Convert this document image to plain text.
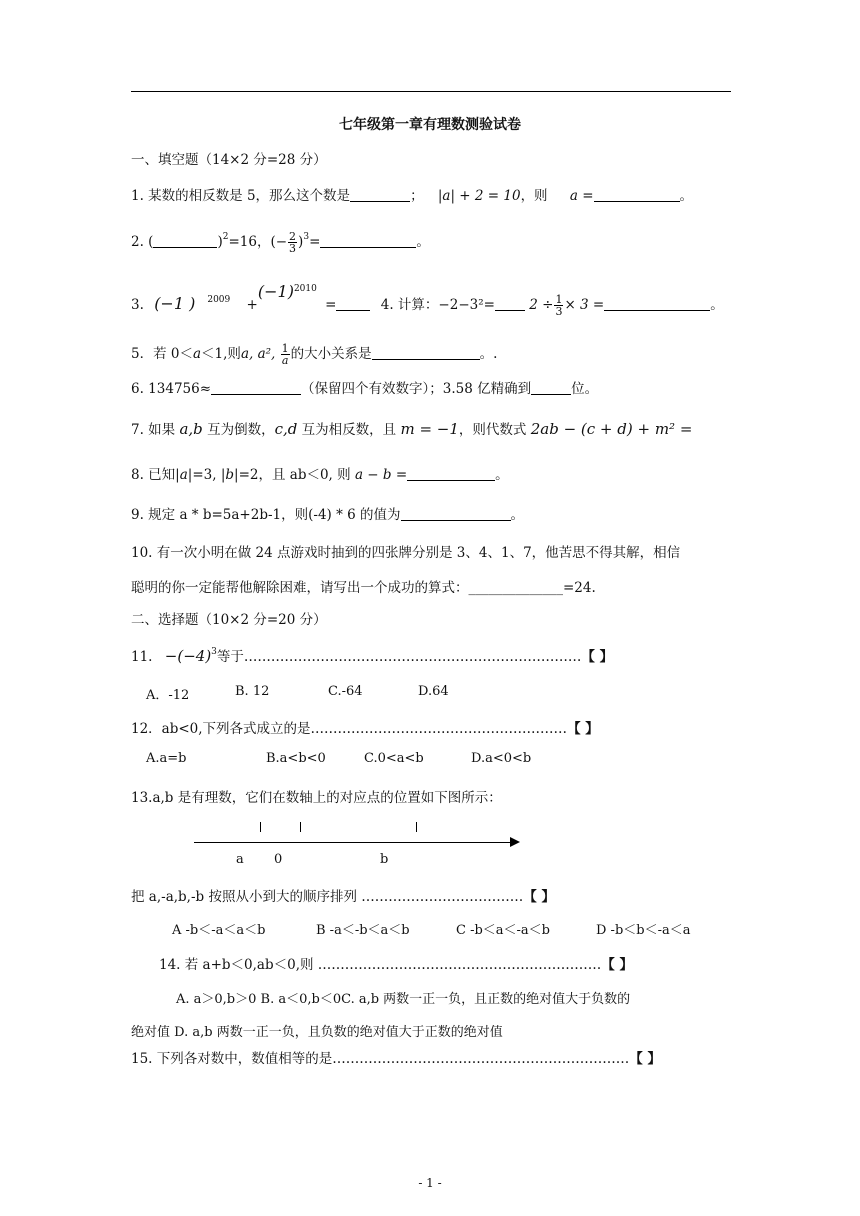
七年级第一章有理数测验试卷
一、填空题（14×2 分=28 分）
1. 某数的相反数是 5，那么这个数是	； |a| + 2 = 10，则 a =	。
2. (	)$^2$=16，(− $\frac{2}{3} )^3=$	。
3. (−1 ) $^{2009} +(-1)^{2010}$ =	4. 计算：−2−3²=	$2 \div \frac{1}{3} \times 3$ =	。
5．若 0＜a＜1,则a, a², $\frac{1}{a}$ 的大小关系是	。.
6. 134756≈	（保留四个有效数字）；3.58 亿精确到	位。
7. 如果 a,b 互为倒数，c,d 互为相反数，且 m = −1，则代数式 2ab − (c + d) + m² =
8. 已知|a|=3, |b|=2，且 ab＜0, 则 a − b =	。
9. 规定 a * b=5a+2b-1，则(-4) * 6 的值为	。
10. 有一次小明在做 24 点游戏时抽到的四张牌分别是 3、4、1、7，他苦思不得其解，相信
聪明的你一定能帮他解除困难，请写出一个成功的算式：______________=24.
二、选择题（10×2 分=20 分）
11. $-(-4)^3$等于…………………………………………………………………【 】
A．-12	B. 12	C.-64	D.64
12．ab<0,下列各式成立的是…………………………………………………【 】
A.a=b	B.a<b<0	C.0<a<b	D.a<0<b
13.a,b 是有理数，它们在数轴上的对应点的位置如下图所示：
a 0	b
把 a,-a,b,-b 按照从小到大的顺序排列 ………………………………【 】
A -b＜-a＜a＜b	B -a＜-b＜a＜b	C -b＜a＜-a＜b	D -b＜b＜-a＜a
14. 若 a+b＜0,ab＜0,则 ………………………………………………………【 】
A. a＞0,b＞0 B. a＜0,b＜0C. a,b 两数一正一负，且正数的绝对值大于负数的
绝对值 D. a,b 两数一正一负，且负数的绝对值大于正数的绝对值
15. 下列各对数中，数值相等的是…………………………………………………………【 】
- 1 -
